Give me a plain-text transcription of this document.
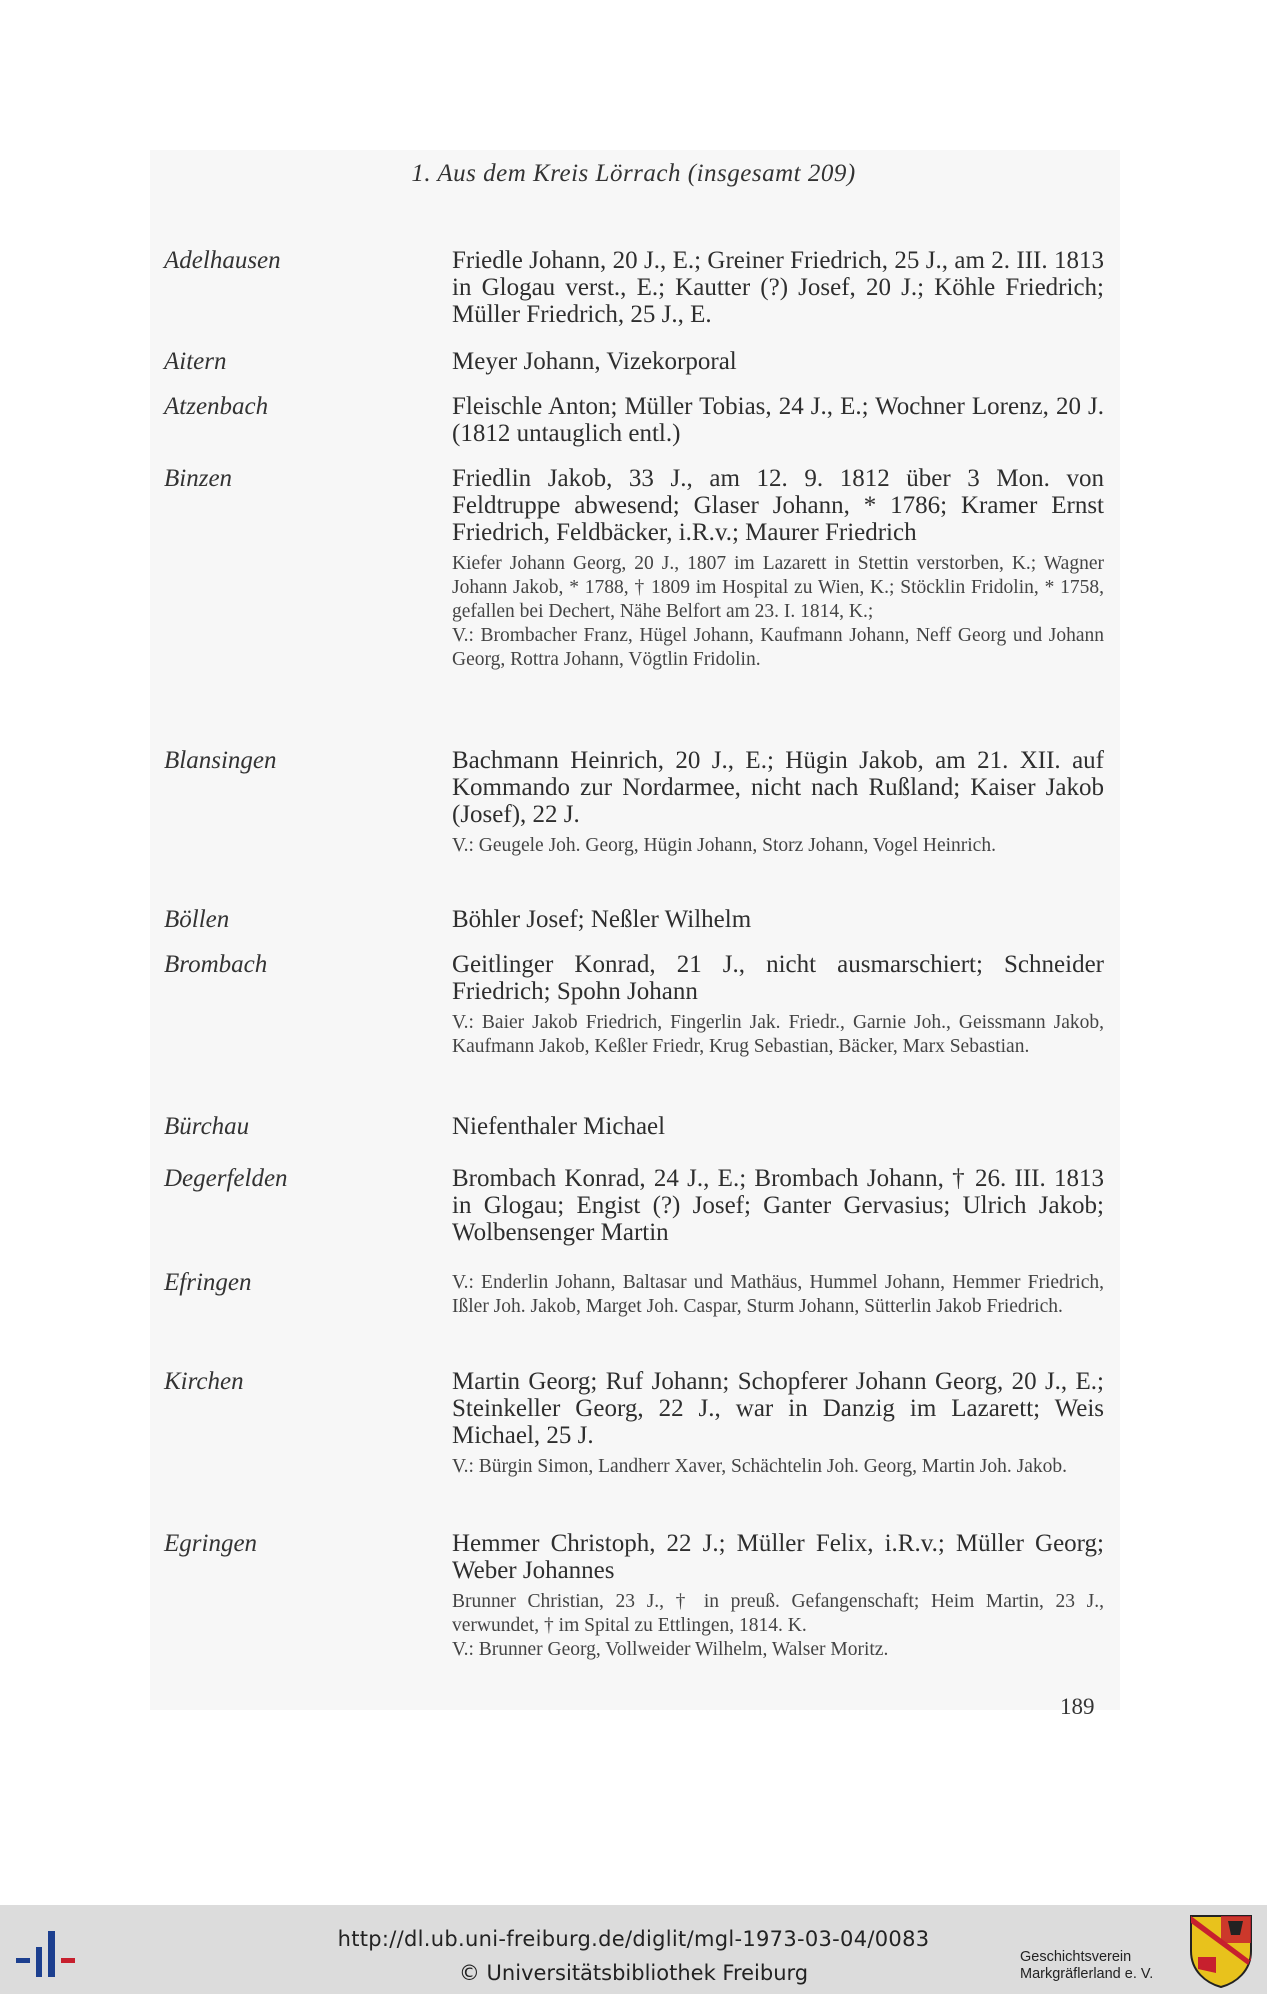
1. Aus dem Kreis Lörrach (insgesamt 209)
Adelhausen	Friedle Johann, 20 J., E.; Greiner Friedrich, 25 J., am 2. III. 1813 in Glogau verst., E.; Kautter (?) Josef, 20 J.; Köhle Friedrich; Müller Friedrich, 25 J., E.

Aitern	Meyer Johann, Vizekorporal

Atzenbach	Fleischle Anton; Müller Tobias, 24 J., E.; Wochner Lorenz, 20 J. (1812 untauglich entl.)

Binzen	Friedlin Jakob, 33 J., am 12. 9. 1812 über 3 Mon. von Feldtruppe abwesend; Glaser Johann, * 1786; Kramer Ernst Friedrich, Feldbäcker, i.R.v.; Maurer Friedrich

Kiefer Johann Georg, 20 J., 1807 im Lazarett in Stettin verstorben, K.; Wagner Johann Jakob, * 1788, † 1809 im Hospital zu Wien, K.; Stöcklin Fridolin, * 1758, gefallen bei Dechert, Nähe Belfort am 23. I. 1814, K.;

V.: Brombacher Franz, Hügel Johann, Kaufmann Johann, Neff Georg und Johann Georg, Rottra Johann, Vögtlin Fridolin.

Blansingen	Bachmann Heinrich, 20 J., E.; Hügin Jakob, am 21. XII. auf Kommando zur Nordarmee, nicht nach Rußland; Kaiser Jakob (Josef), 22 J.

V.: Geugele Joh. Georg, Hügin Johann, Storz Johann, Vogel Heinrich.

Böllen	Böhler Josef; Neßler Wilhelm

Brombach	Geitlinger Konrad, 21 J., nicht ausmarschiert; Schneider Friedrich; Spohn Johann

V.: Baier Jakob Friedrich, Fingerlin Jak. Friedr., Garnie Joh., Geissmann Jakob, Kaufmann Jakob, Keßler Friedr, Krug Sebastian, Bäcker, Marx Sebastian.

Bürchau	Niefenthaler Michael

Degerfelden	Brombach Konrad, 24 J., E.; Brombach Johann, † 26. III. 1813 in Glogau; Engist (?) Josef; Ganter Gervasius; Ulrich Jakob; Wolbensenger Martin

Efringen	V.: Enderlin Johann, Baltasar und Mathäus, Hummel Johann, Hemmer Friedrich, Ißler Joh. Jakob, Marget Joh. Caspar, Sturm Johann, Sütterlin Jakob Friedrich.

Kirchen	Martin Georg; Ruf Johann; Schopferer Johann Georg, 20 J., E.; Steinkeller Georg, 22 J., war in Danzig im Lazarett; Weis Michael, 25 J.

V.: Bürgin Simon, Landherr Xaver, Schächtelin Joh. Georg, Martin Joh. Jakob.

Egringen	Hemmer Christoph, 22 J.; Müller Felix, i.R.v.; Müller Georg; Weber Johannes

Brunner Christian, 23 J., † in preuß. Gefangenschaft; Heim Martin, 23 J., verwundet, † im Spital zu Ettlingen, 1814. K.

V.: Brunner Georg, Vollweider Wilhelm, Walser Moritz.

189
http://dl.ub.uni-freiburg.de/diglit/mgl-1973-03-04/0083
© Universitätsbibliothek Freiburg
Geschichtsverein
Markgräflerland e. V.
